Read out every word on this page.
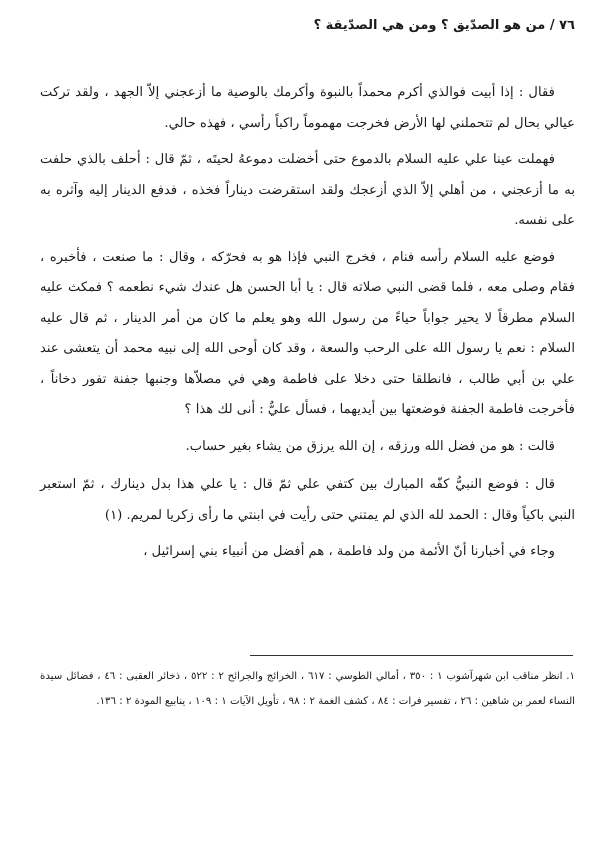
٧٦ / من هو الصدّيق ؟ ومن هي الصدّيقة ؟

فقال : إذا أبيت فوالذي أكرم محمداً بالنبوة وأكرمك بالوصية ما أزعجني إلاّ الجهد ، ولقد تركت عيالي بحال لم تتحملني لها الأرض فخرجت مهموماً راكباً رأسي ، فهذه حالي.

فهملت عينا علي عليه السلام بالدموع حتى أخضلت دموعهُ لحيتَه ، ثمّ قال : أحلف بالذي حلفت به ما أزعجني ، من أهلي إلاّ الذي أزعجك ولقد استقرضت ديناراً فخذه ، فدفع الدينار إليه وآثره به على نفسه.

فوضع عليه السلام رأسه فنام ، فخرج النبي فإذا هو به فحرّكه ، وقال : ما صنعت ، فأخبره ، فقام وصلى معه ، فلما قضى النبي صلاته قال : يا أبا الحسن هل عندك شيء نطعمه ؟ فمكث عليه السلام مطرقاً لا يحير جواباً حياءً من رسول الله وهو يعلم ما كان من أمر الدينار ، ثم قال عليه السلام : نعم يا رسول الله على الرحب والسعة ، وقد كان أوحى الله إلى نبيه محمد أن يتعشى عند علي بن أبي طالب ، فانطلقا حتى دخلا على فاطمة وهي في مصلاّها وجنبها جفنة تفور دخاناً ، فأخرجت فاطمة الجفنة فوضعتها بين أيديهما ، فسأل عليٌّ : أنى لك هذا ؟

قالت : هو من فضل الله ورزقه ، إن الله يرزق من يشاء بغير حساب.

قال : فوضع النبيُّ كفّه المبارك بين كتفي علي ثمّ قال : يا علي هذا بدل دينارك ، ثمّ استعبر النبي باكياً وقال : الحمد لله الذي لم يمتني حتى رأيت في ابنتي ما رأى زكريا لمريم. (١)

وجاء في أخبارنا أنّ الأئمة من ولد فاطمة ، هم أفضل من أنبياء بني إسرائيل ،

١. انظر مناقب ابن شهرآشوب ١ : ٣٥٠ ، أمالي الطوسي : ٦١٧ ، الخرائج والجرائح ٢ : ٥٢٢ ، ذخائر العقبى : ٤٦ ، فضائل سيدة النساء لعمر بن شاهين : ٢٦ ، تفسير فرات : ٨٤ ، كشف الغمة ٢ : ٩٨ ، تأويل الآيات ١ : ١٠٩ ، ينابيع المودة ٢ : ١٣٦.
